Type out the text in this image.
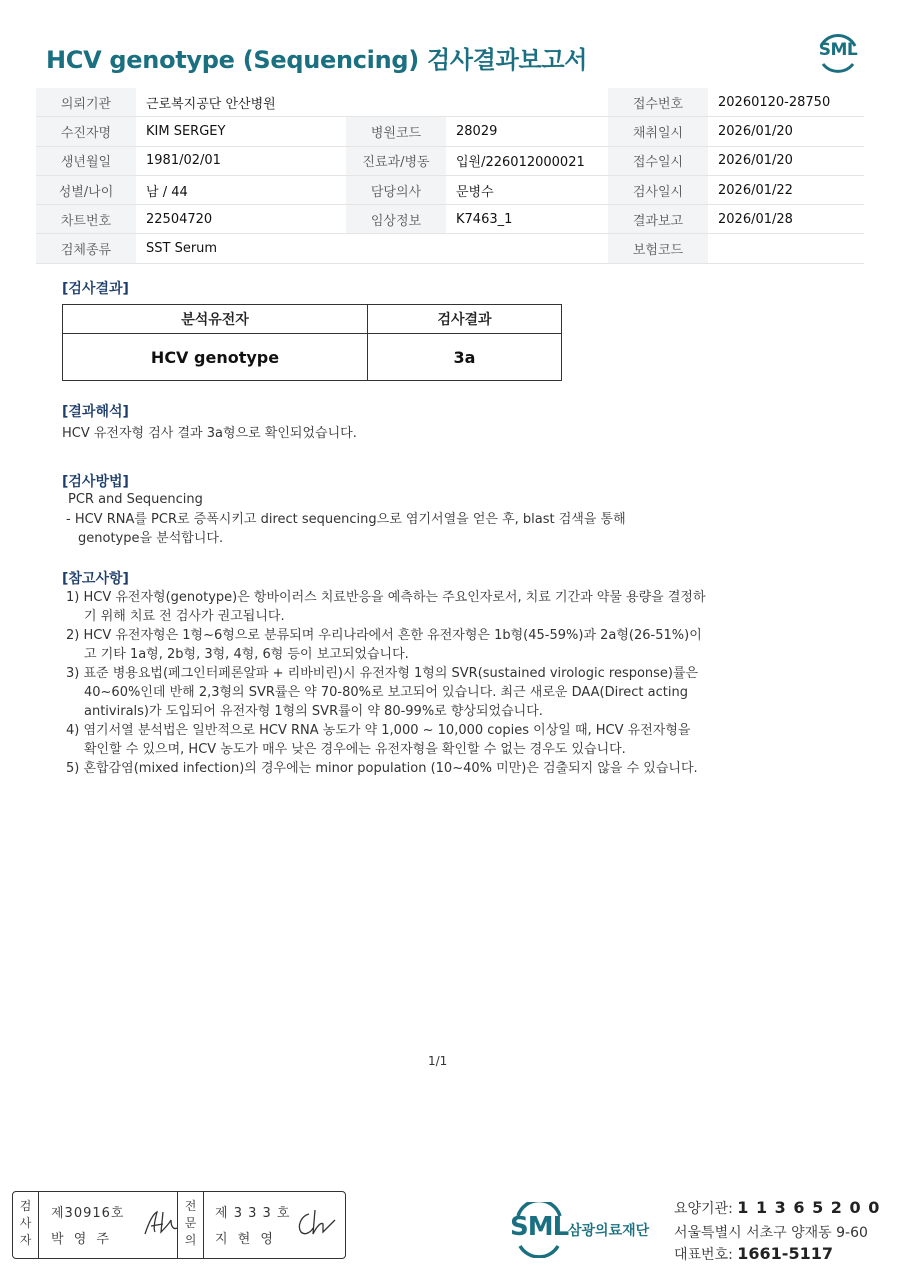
HCV genotype (Sequencing) 검사결과보고서	SML
의뢰기관	근로복지공단 안산병원			접수번호	20260120-28750
수진자명	KIM SERGEY	병원코드	28029	채취일시	2026/01/20
생년월일	1981/02/01	진료과/병동	입원/226012000021	접수일시	2026/01/20
성별/나이	남 / 44	담당의사	문병수	검사일시	2026/01/22
차트번호	22504720	임상정보	K7463_1	결과보고	2026/01/28
검체종류	SST Serum			보험코드	
[검사결과]
분석유전자	검사결과
HCV genotype	3a
[결과해석]
HCV 유전자형 검사 결과 3a형으로 확인되었습니다.
[검사방법]
PCR and Sequencing
- HCV RNA를 PCR로 증폭시키고 direct sequencing으로 염기서열을 얻은 후, blast 검색을 통해
genotype을 분석합니다.
[참고사항]
1) HCV 유전자형(genotype)은 항바이러스 치료반응을 예측하는 주요인자로서, 치료 기간과 약물 용량을 결정하기 위해 치료 전 검사가 권고됩니다.
2) HCV 유전자형은 1형~6형으로 분류되며 우리나라에서 흔한 유전자형은 1b형(45-59%)과 2a형(26-51%)이고 기타 1a형, 2b형, 3형, 4형, 6형 등이 보고되었습니다.
3) 표준 병용요법(페그인터페론알파 + 리바비린)시 유전자형 1형의 SVR(sustained virologic response)률은 40~60%인데 반해 2,3형의 SVR률은 약 70-80%로 보고되어 있습니다. 최근 새로운 DAA(Direct acting antivirals)가 도입되어 유전자형 1형의 SVR률이 약 80-99%로 향상되었습니다.
4) 염기서열 분석법은 일반적으로 HCV RNA 농도가 약 1,000 ~ 10,000 copies 이상일 때, HCV 유전자형을 확인할 수 있으며, HCV 농도가 매우 낮은 경우에는 유전자형을 확인할 수 없는 경우도 있습니다.
5) 혼합감염(mixed infection)의 경우에는 minor population (10~40% 미만)은 검출되지 않을 수 있습니다.
1/1
검사자
제30916호
박 영 주
전문의
제 3 3 3 호
지 현 영	SML 삼광의료재단
요양기관: 1 1 3 6 5 2 0 0
서울특별시 서초구 양재동 9-60
대표번호: 1661-5117
